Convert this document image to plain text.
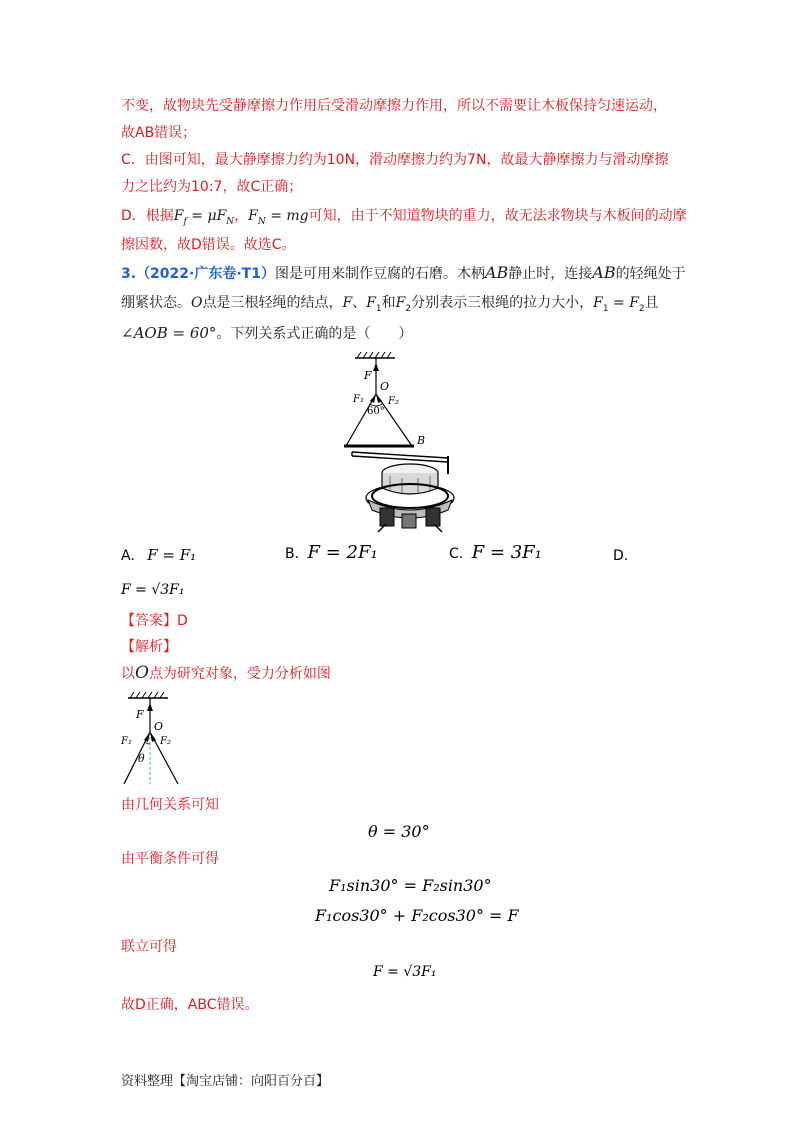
不变，故物块先受静摩擦力作用后受滑动摩擦力作用，所以不需要让木板保持匀速运动，
故AB错误；
C．由图可知，最大静摩擦力约为10N，滑动摩擦力约为7N，故最大静摩擦力与滑动摩擦
力之比约为10:7，故C正确；
D．根据$F_f = \mu F_N$，$F_N$ = mg可知，由于不知道物块的重力，故无法求物块与木板间的动摩
擦因数，故D错误。故选C。
3.（2022·广东卷·T1）图是可用来制作豆腐的石磨。木柄AB静止时，连接AB的轻绳处于
绷紧状态。O点是三根轻绳的结点，F、$F_1$和$F_2$分别表示三根绳的拉力大小，$F_1 = F_2$且
∠AOB = 60°。下列关系式正确的是（　　）
F
O
F₁ F₂
60°
B
A. F = F₁	B. F = 2F₁	C. F = 3F₁	D.
F = √3F₁
【答案】D
【解析】
以O点为研究对象，受力分析如图
F
O
F₁	F₂
θ
由几何关系可知
θ = 30°
由平衡条件可得
F₁sin30° = F₂sin30°
F₁cos30° + F₂cos30° = F
联立可得
F = √3F₁
故D正确，ABC错误。
资料整理【淘宝店铺：向阳百分百】
